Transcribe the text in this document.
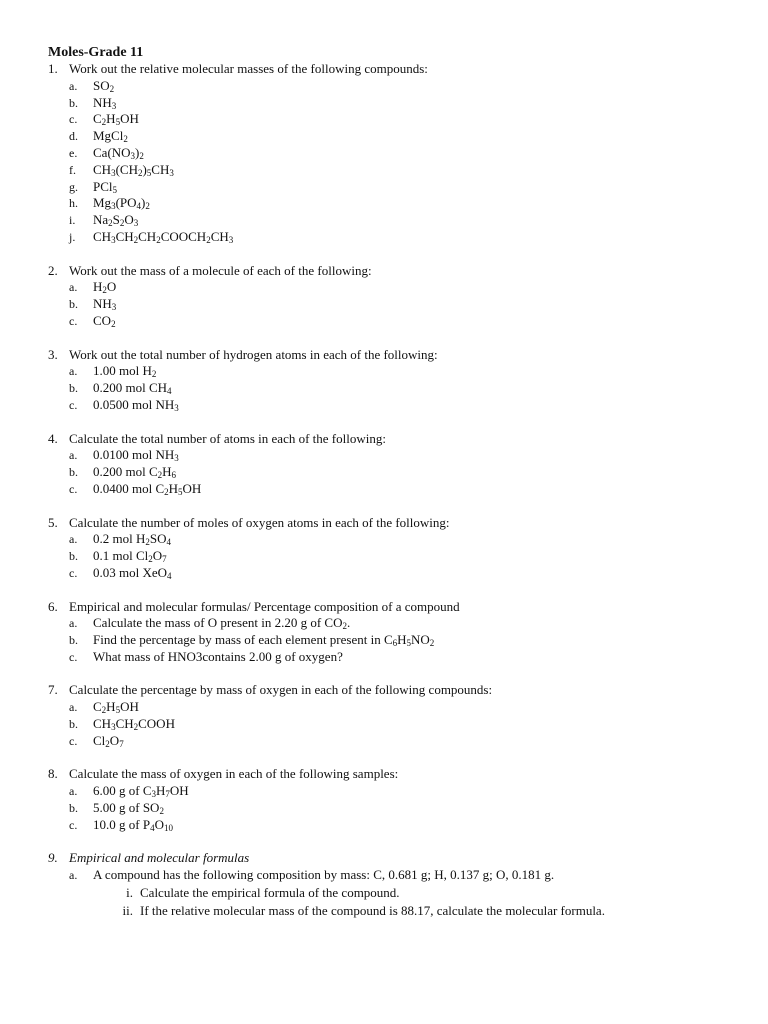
Moles-Grade 11
1. Work out the relative molecular masses of the following compounds:
a. $SO_2$
b. $NH_3$
c. $C_2H_5OH$
d. MgCl$_2$
e. $Ca(NO_3)_2$
f. $CH_3(CH_2)_5CH_3$
g. PCl$_5$
h. $Mg_3(PO_4)_2$
i. $Na_2S_2O_3$
j. $CH_3CH_2CH_2COOCH_2CH_3$
2. Work out the mass of a molecule of each of the following:
a. $H_2O$
b. $NH_3$
c. $CO_2$
3. Work out the total number of hydrogen atoms in each of the following:
a. 1.00 mol $H_2$
b. 0.200 mol $CH_4$
c. 0.0500 mol $NH_3$
4. Calculate the total number of atoms in each of the following:
a. 0.0100 mol $NH_3$
b. 0.200 mol $C_2H_6$
c. 0.0400 mol $C_2H_5OH$
5. Calculate the number of moles of oxygen atoms in each of the following:
a. 0.2 mol $H_2SO_4$
b. 0.1 mol $Cl_2O_7$
c. 0.03 mol XeO$_4$
6. Empirical and molecular formulas/ Percentage composition of a compound
a. Calculate the mass of O present in 2.20 g of $CO_2$.
b. Find the percentage by mass of each element present in $C_6H_5NO_2$
c. What mass of HNO3contains 2.00 g of oxygen?
7. Calculate the percentage by mass of oxygen in each of the following compounds:
a. $C_2H_5OH$
b. $CH_3CH_2COOH$
c. $Cl_2O_7$
8. Calculate the mass of oxygen in each of the following samples:
a. 6.00 g of $C_3H_7OH$
b. 5.00 g of $SO_2$
c. 10.0 g of $P_4O_{10}$
9. Empirical and molecular formulas
a. A compound has the following composition by mass: C, 0.681 g; H, 0.137 g; O, 0.181 g.
i. Calculate the empirical formula of the compound.
ii. If the relative molecular mass of the compound is 88.17, calculate the molecular formula.
